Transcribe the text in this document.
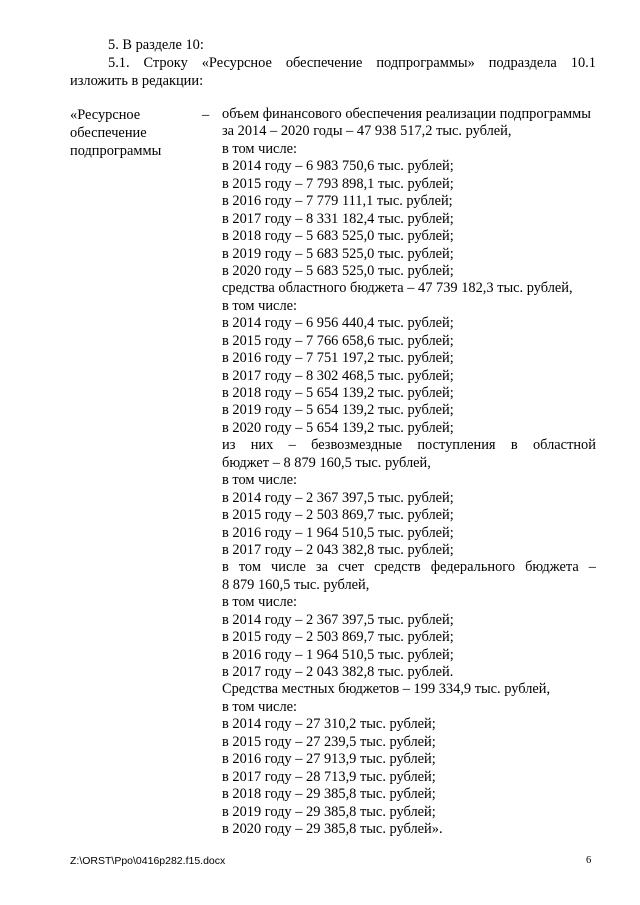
5. В разделе 10:
5.1. Строку «Ресурсное обеспечение подпрограммы» подраздела 10.1
изложить в редакции:
«Ресурсное
обеспечение
подпрограммы
– объем финансового обеспечения реализации подпрограммы
за 2014 – 2020 годы – 47 938 517,2 тыс. рублей,
в том числе:
в 2014 году – 6 983 750,6 тыс. рублей;
в 2015 году – 7 793 898,1 тыс. рублей;
в 2016 году – 7 779 111,1 тыс. рублей;
в 2017 году – 8 331 182,4 тыс. рублей;
в 2018 году – 5 683 525,0 тыс. рублей;
в 2019 году – 5 683 525,0 тыс. рублей;
в 2020 году – 5 683 525,0 тыс. рублей;
средства областного бюджета – 47 739 182,3 тыс. рублей,
в том числе:
в 2014 году – 6 956 440,4 тыс. рублей;
в 2015 году – 7 766 658,6 тыс. рублей;
в 2016 году – 7 751 197,2 тыс. рублей;
в 2017 году – 8 302 468,5 тыс. рублей;
в 2018 году – 5 654 139,2 тыс. рублей;
в 2019 году – 5 654 139,2 тыс. рублей;
в 2020 году – 5 654 139,2 тыс. рублей;
из них – безвозмездные поступления в областной
бюджет – 8 879 160,5 тыс. рублей,
в том числе:
в 2014 году – 2 367 397,5 тыс. рублей;
в 2015 году – 2 503 869,7 тыс. рублей;
в 2016 году – 1 964 510,5 тыс. рублей;
в 2017 году – 2 043 382,8 тыс. рублей;
в том числе за счет средств федерального бюджета –
8 879 160,5 тыс. рублей,
в том числе:
в 2014 году – 2 367 397,5 тыс. рублей;
в 2015 году – 2 503 869,7 тыс. рублей;
в 2016 году – 1 964 510,5 тыс. рублей;
в 2017 году – 2 043 382,8 тыс. рублей.
Средства местных бюджетов – 199 334,9 тыс. рублей,
в том числе:
в 2014 году – 27 310,2 тыс. рублей;
в 2015 году – 27 239,5 тыс. рублей;
в 2016 году – 27 913,9 тыс. рублей;
в 2017 году – 28 713,9 тыс. рублей;
в 2018 году – 29 385,8 тыс. рублей;
в 2019 году – 29 385,8 тыс. рублей;
в 2020 году – 29 385,8 тыс. рублей».
Z:\ORST\Ppo\0416p282.f15.docx	6
